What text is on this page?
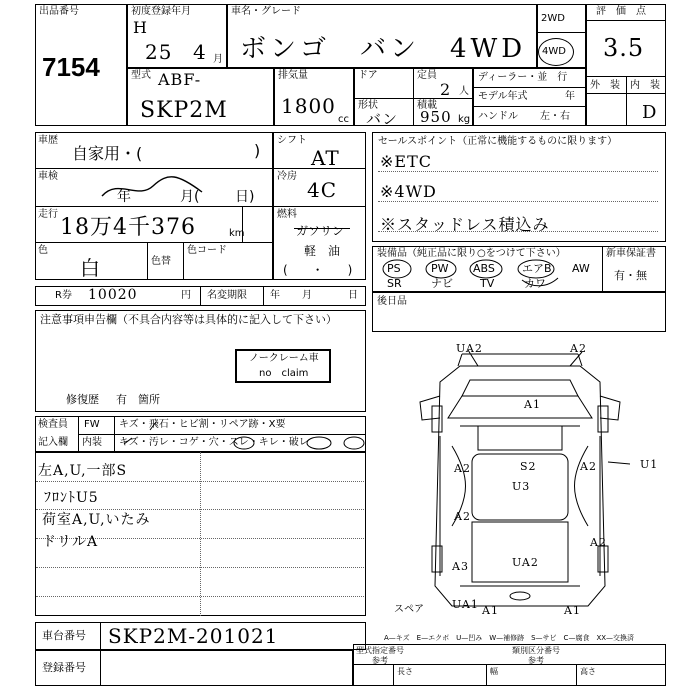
出品番号
7154
初度登録年月
H
25 4 月
車名・グレード
ボンゴ　バン　4WD
2WD
4WD
評　価　点
3.5
外　装 内　装
D
型式 ABF-
SKP2M
排気量
1800
cc
ドア	定員
2 人
形状
バン
積載
950 kg
ディーラー・並　行
モデル年式	年
ハンドル 左・右
車歴
自家用・(	)
車検
年	月(	日)
走行
18万4千376	km
色
白	色替
色コード
シフト
AT
冷房
4C
燃料
ガソリン
軽　油
(　　・　　)
セールスポイント（正常に機能するものに限ります）
※ETC
※4WD
※スタッドレス積込み
装備品（純正品に限り○をつけて下さい）
PS	PW ABS エアB AW
SR	ナビ TV	カワ
新車保証書
有・無
R券 10020	円 名変期限 年 月	日
後日品
注意事項申告欄（不具合内容等は具体的に記入して下さい）
ノークレーム車
no　claim
修復歴 有　箇所
検査員
記入欄
FW
内装
キズ・飛石・ヒビ割・リペア跡・X要
キズ・汚レ・コゲ・穴・スレ・キレ・破レ
左A,U,一部S
ﾌﾛﾝﾄU5
荷室A,U,いたみ
ドリルA
UA2	A2
A1
A2	S2
U3
A2	U1
A2
A2
A3	UA2
UA1 A1	A1
スペア
A—キズ　E—エクボ　U—凹み　W—補修跡　S—サビ　C—腐食　XX—交換済
車台番号 SKP2M-201021
登録番号
型式指定番号
参考
類別区分番号
参考
長さ	幅	高さ
